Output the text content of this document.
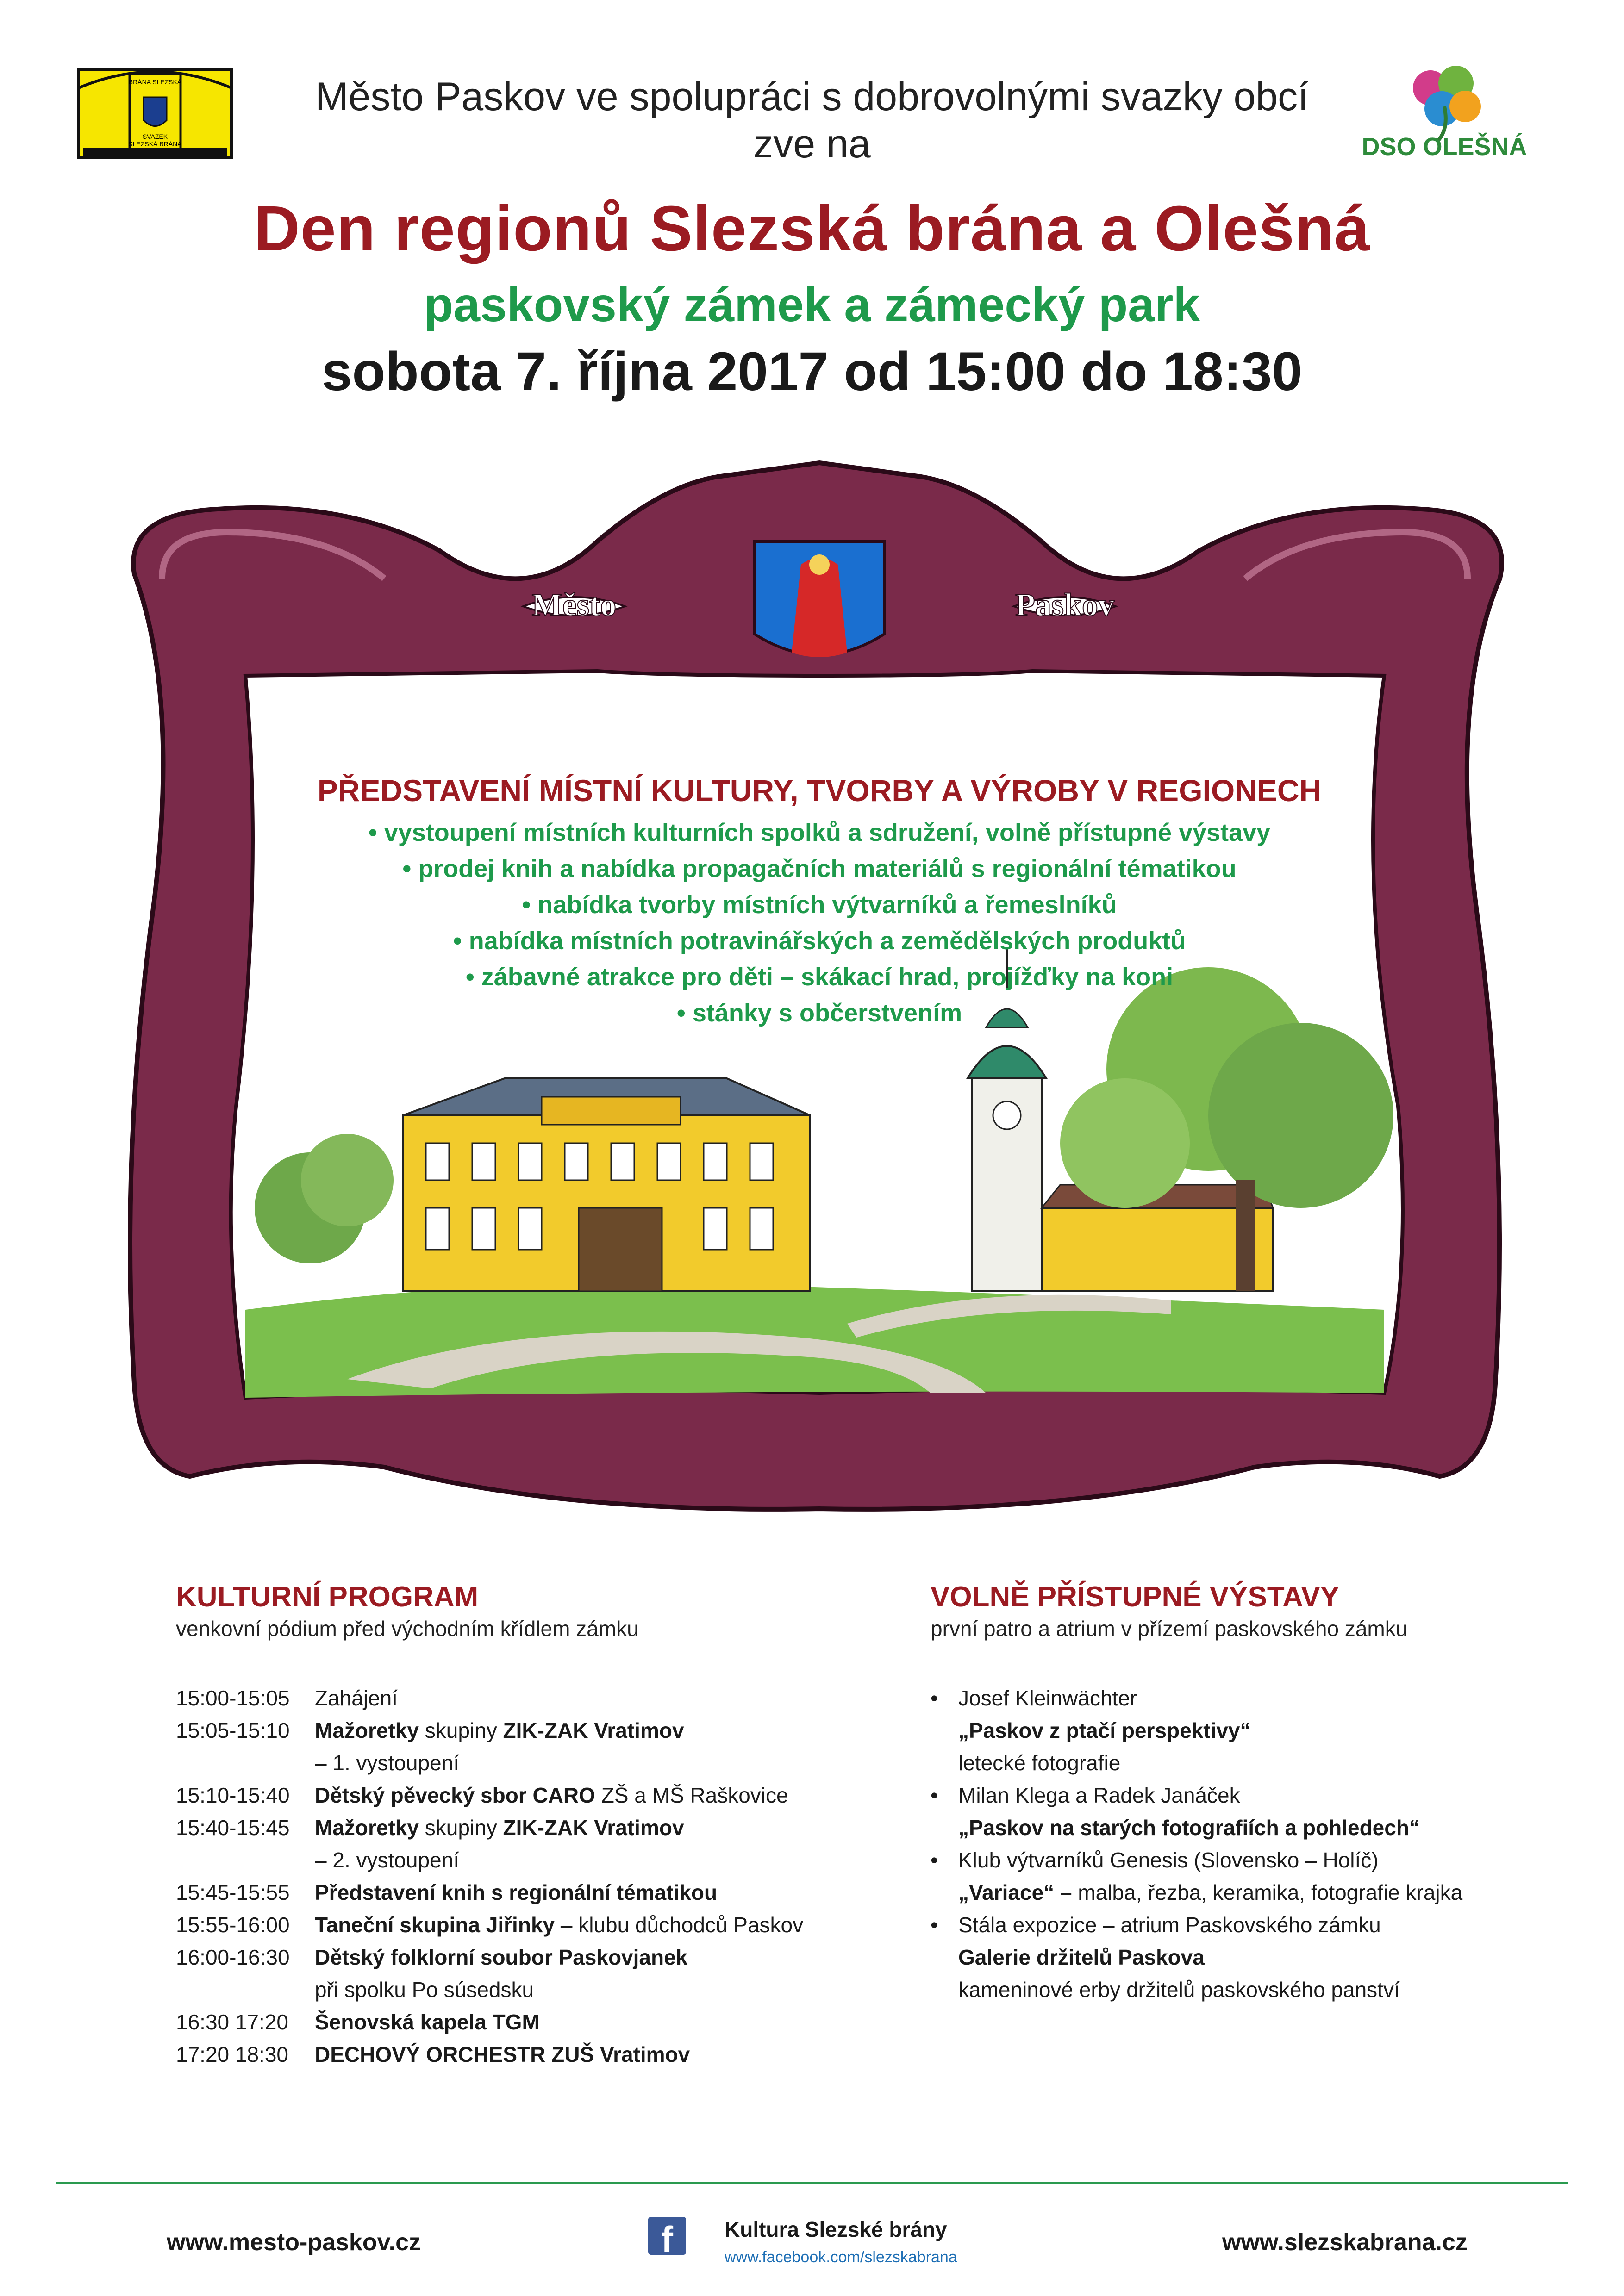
BRÁNA SLEZSKÁ
SVAZEK
SLEZSKÁ BRÁNA	DSO OLEŠNÁ
Město Paskov ve spolupráci s dobrovolnými svazky obcí
zve na
Den regionů Slezská brána a Olešná
paskovský zámek a zámecký park
sobota 7. října 2017 od 15:00 do 18:30
Město	Paskov
PŘEDSTAVENÍ MÍSTNÍ KULTURY, TVORBY A VÝROBY V REGIONECH
• vystoupení místních kulturních spolků a sdružení, volně přístupné výstavy
• prodej knih a nabídka propagačních materiálů s regionální tématikou
• nabídka tvorby místních výtvarníků a řemeslníků
• nabídka místních potravinářských a zemědělských produktů
• zábavné atrakce pro děti – skákací hrad, projížďky na koni
• stánky s občerstvením
KULTURNÍ PROGRAM
venkovní pódium před východním křídlem zámku
15:00-15:05	Zahájení
15:05-15:10	Mažoretky skupiny ZIK-ZAK Vratimov
– 1. vystoupení
15:10-15:40	Dětský pěvecký sbor CARO ZŠ a MŠ Raškovice
15:40-15:45	Mažoretky skupiny ZIK-ZAK Vratimov
– 2. vystoupení
15:45-15:55	Představení knih s regionální tématikou
15:55-16:00	Taneční skupina Jiřinky – klubu důchodců Paskov
16:00-16:30	Dětský folklorní soubor Paskovjanek
při spolku Po súsedsku
16:30 17:20	Šenovská kapela TGM
17:20 18:30	DECHOVÝ ORCHESTR ZUŠ Vratimov
VOLNĚ PŘÍSTUPNÉ VÝSTAVY
první patro a atrium v přízemí paskovského zámku
• Josef Kleinwächter
„Paskov z ptačí perspektivy“
letecké fotografie
• Milan Klega a Radek Janáček
„Paskov na starých fotografiích a pohledech“
• Klub výtvarníků Genesis (Slovensko – Holíč)
„Variace“ – malba, řezba, keramika, fotografie krajka
• Stála expozice – atrium Paskovského zámku
Galerie držitelů Paskova
kameninové erby držitelů paskovského panství
www.mesto-paskov.cz	f	Kultura Slezské brány
www.facebook.com/slezskabrana
www.slezskabrana.cz
